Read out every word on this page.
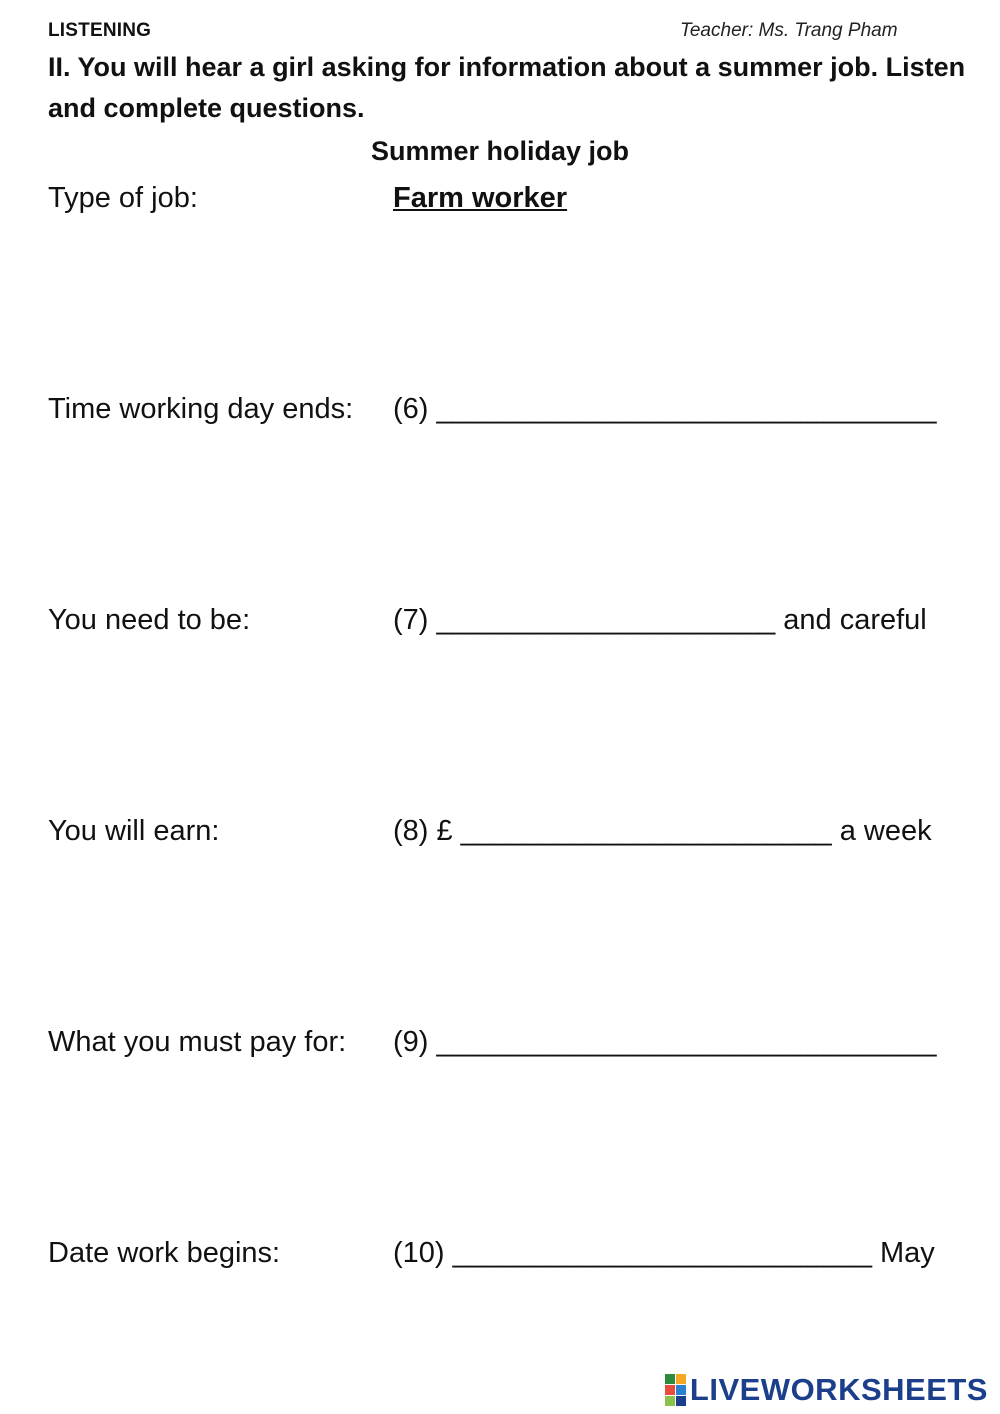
LISTENING	Teacher: Ms. Trang Pham
II. You will hear a girl asking for information about a summer job. Listen and complete questions.
Summer holiday job
Type of job:	Farm worker
Time working day ends: (6) _______________________________
You need to be:	(7) _____________________ and careful
You will earn:	(8) £ _______________________ a week
What you must pay for: (9) _______________________________
Date work begins:	(10) __________________________ May
LIVEWORKSHEETS
